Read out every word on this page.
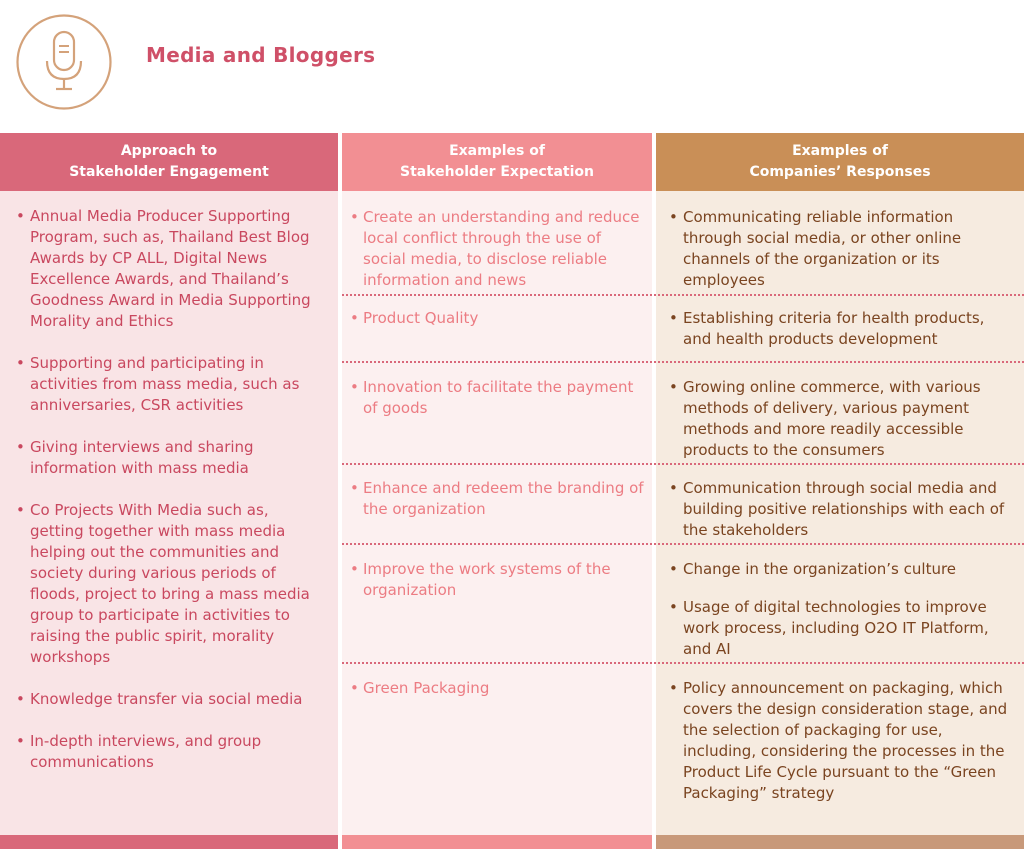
Media and Bloggers
Approach to
Stakeholder Engagement
• Annual Media Producer Supporting Program, such as, Thailand Best Blog Awards by CP ALL, Digital News Excellence Awards, and Thailand’s Goodness Award in Media Supporting Morality and Ethics
• Supporting and participating in activities from mass media, such as anniversaries, CSR activities
• Giving interviews and sharing information with mass media
• Co Projects With Media such as, getting together with mass media helping out the communities and society during various periods of floods, project to bring a mass media group to participate in activities to raising the public spirit, morality workshops
• Knowledge transfer via social media
• In-depth interviews, and group communications
Examples of
Stakeholder Expectation
Examples of
Companies’ Responses
• Create an understanding and reduce local conflict through the use of social media, to disclose reliable information and news
• Product Quality
• Innovation to facilitate the payment of goods
• Enhance and redeem the branding of the organization
• Improve the work systems of the organization
• Green Packaging
• Communicating reliable information through social media, or other online channels of the organization or its employees
• Establishing criteria for health products, and health products development
• Growing online commerce, with various methods of delivery, various payment methods and more readily accessible products to the consumers
• Communication through social media and building positive relationships with each of the stakeholders
• Change in the organization’s culture
• Usage of digital technologies to improve work process, including O2O IT Platform, and AI
• Policy announcement on packaging, which covers the design consideration stage, and the selection of packaging for use, including, considering the processes in the Product Life Cycle pursuant to the “Green Packaging” strategy
